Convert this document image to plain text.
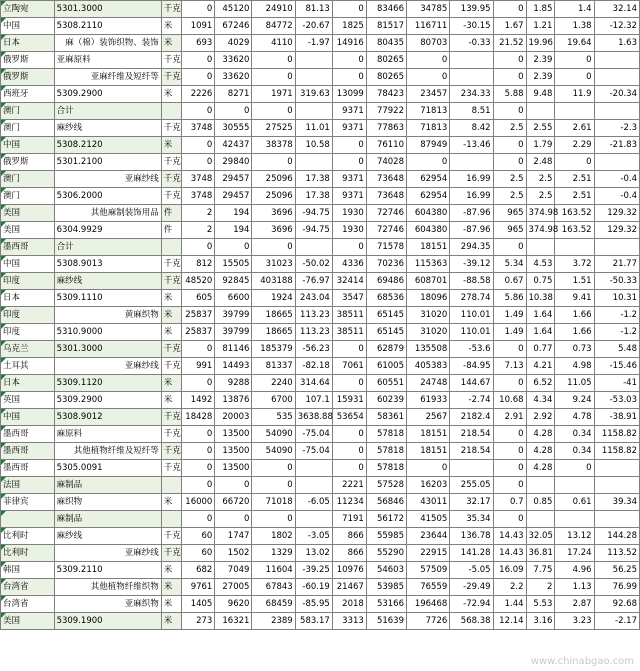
立陶宛	5301.3000	千克	0	45120	24910	81.13	0	83466	34785	139.95	0	1.85	1.4	32.14
中国	5308.2110	米	1091	67246	84772	-20.67	1825	81517	116711	-30.15	1.67	1.21	1.38	-12.32
日本	麻（棉）装饰织物、装饰	米	693	4029	4110	-1.97	14916	80435	80703	-0.33	21.52	19.96	19.64	1.63
俄罗斯	亚麻原料	千克	0	33620	0		0	80265	0		0	2.39	0	
俄罗斯	亚麻纤维及短纤等	千克	0	33620	0		0	80265	0		0	2.39	0	
西班牙	5309.2900	米	2226	8271	1971	319.63	13099	78423	23457	234.33	5.88	9.48	11.9	-20.34
澳门	合计		0	0	0		9371	77922	71813	8.51	0			
澳门	麻纱线	千克	3748	30555	27525	11.01	9371	77863	71813	8.42	2.5	2.55	2.61	-2.3
中国	5308.2120	米	0	42437	38378	10.58	0	76110	87949	-13.46	0	1.79	2.29	-21.83
俄罗斯	5301.2100	千克	0	29840	0		0	74028	0		0	2.48	0	
澳门	亚麻纱线	千克	3748	29457	25096	17.38	9371	73648	62954	16.99	2.5	2.5	2.51	-0.4
澳门	5306.2000	千克	3748	29457	25096	17.38	9371	73648	62954	16.99	2.5	2.5	2.51	-0.4
美国	其他麻制装饰用品	件	2	194	3696	-94.75	1930	72746	604380	-87.96	965	374.98	163.52	129.32
美国	6304.9929	件	2	194	3696	-94.75	1930	72746	604380	-87.96	965	374.98	163.52	129.32
墨西哥	合计		0	0	0		0	71578	18151	294.35	0			
中国	5308.9013	千克	812	15505	31023	-50.02	4336	70236	115363	-39.12	5.34	4.53	3.72	21.77
印度	麻纱线	千克	48520	92845	403188	-76.97	32414	69486	608701	-88.58	0.67	0.75	1.51	-50.33
日本	5309.1110	米	605	6600	1924	243.04	3547	68536	18096	278.74	5.86	10.38	9.41	10.31
印度	黄麻织物	米	25837	39799	18665	113.23	38511	65145	31020	110.01	1.49	1.64	1.66	-1.2
印度	5310.9000	米	25837	39799	18665	113.23	38511	65145	31020	110.01	1.49	1.64	1.66	-1.2
乌克兰	5301.3000	千克	0	81146	185379	-56.23	0	62879	135508	-53.6	0	0.77	0.73	5.48
土耳其	亚麻纱线	千克	991	14493	81337	-82.18	7061	61005	405383	-84.95	7.13	4.21	4.98	-15.46
日本	5309.1120	米	0	9288	2240	314.64	0	60551	24748	144.67	0	6.52	11.05	-41
英国	5309.2900	米	1492	13876	6700	107.1	15931	60239	61933	-2.74	10.68	4.34	9.24	-53.03
中国	5308.9012	千克	18428	20003	535	3638.88	53654	58361	2567	2182.4	2.91	2.92	4.78	-38.91
墨西哥	麻原料	千克	0	13500	54090	-75.04	0	57818	18151	218.54	0	4.28	0.34	1158.82
墨西哥	其他植物纤维及短纤等	千克	0	13500	54090	-75.04	0	57818	18151	218.54	0	4.28	0.34	1158.82
墨西哥	5305.0091	千克	0	13500	0		0	57818	0		0	4.28	0	
法国	麻制品		0	0	0		2221	57528	16203	255.05	0			
菲律宾	麻织物	米	16000	66720	71018	-6.05	11234	56846	43011	32.17	0.7	0.85	0.61	39.34
	麻制品		0	0	0		7191	56172	41505	35.34	0			
比利时	麻纱线	千克	60	1747	1802	-3.05	866	55985	23644	136.78	14.43	32.05	13.12	144.28
比利时	亚麻纱线	千克	60	1502	1329	13.02	866	55290	22915	141.28	14.43	36.81	17.24	113.52
韩国	5309.2110	米	682	7049	11604	-39.25	10976	54603	57509	-5.05	16.09	7.75	4.96	56.25
台湾省	其他植物纤维织物	米	9761	27005	67843	-60.19	21467	53985	76559	-29.49	2.2	2	1.13	76.99
台湾省	亚麻织物	米	1405	9620	68459	-85.95	2018	53166	196468	-72.94	1.44	5.53	2.87	92.68
美国	5309.1900	米	273	16321	2389	583.17	3313	51639	7726	568.38	12.14	3.16	3.23	-2.17
www.chinabgao.com
